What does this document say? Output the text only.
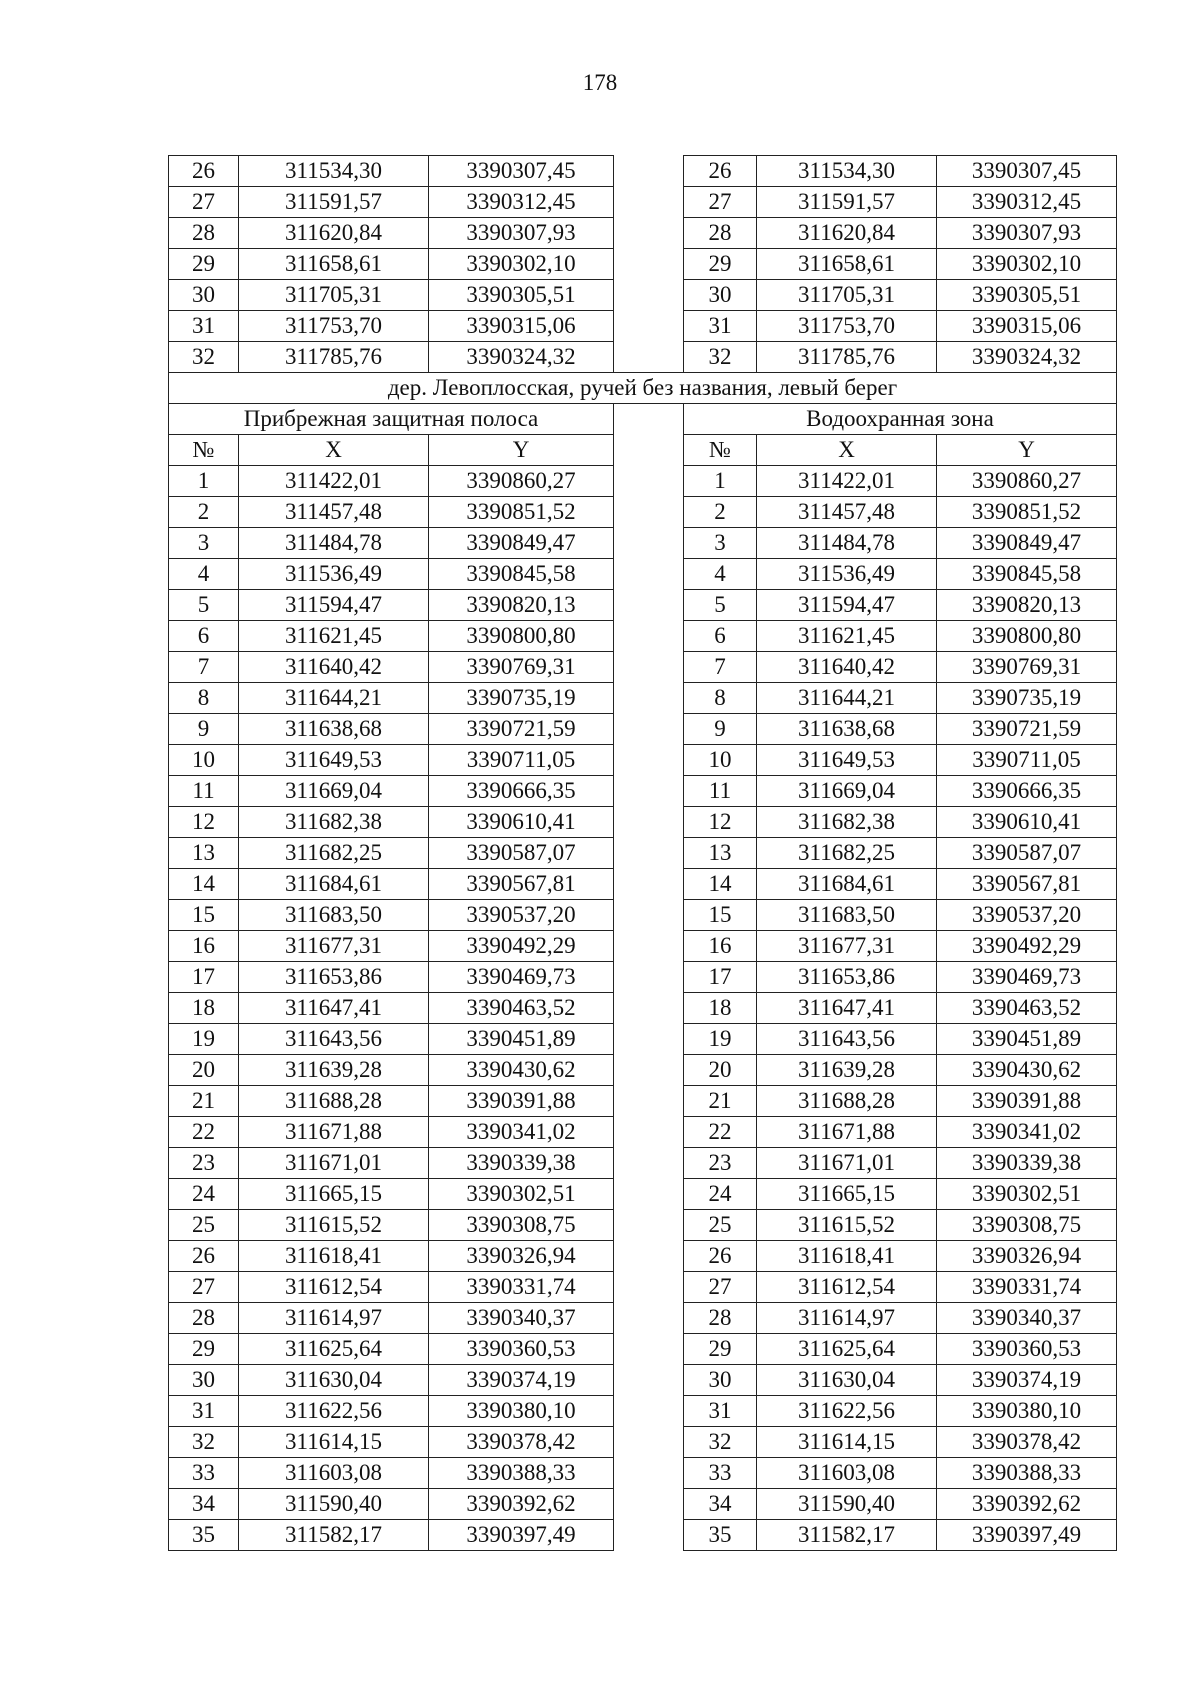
178
26	311534,30	3390307,45		26	311534,30	3390307,45
27	311591,57	3390312,45		27	311591,57	3390312,45
28	311620,84	3390307,93		28	311620,84	3390307,93
29	311658,61	3390302,10		29	311658,61	3390302,10
30	311705,31	3390305,51		30	311705,31	3390305,51
31	311753,70	3390315,06		31	311753,70	3390315,06
32	311785,76	3390324,32		32	311785,76	3390324,32
дер. Левоплосская, ручей без названия, левый берег						
Прибрежная защитная полоса				Водоохранная зона		
№	X	Y		№	X	Y
1	311422,01	3390860,27		1	311422,01	3390860,27
2	311457,48	3390851,52		2	311457,48	3390851,52
3	311484,78	3390849,47		3	311484,78	3390849,47
4	311536,49	3390845,58		4	311536,49	3390845,58
5	311594,47	3390820,13		5	311594,47	3390820,13
6	311621,45	3390800,80		6	311621,45	3390800,80
7	311640,42	3390769,31		7	311640,42	3390769,31
8	311644,21	3390735,19		8	311644,21	3390735,19
9	311638,68	3390721,59		9	311638,68	3390721,59
10	311649,53	3390711,05		10	311649,53	3390711,05
11	311669,04	3390666,35		11	311669,04	3390666,35
12	311682,38	3390610,41		12	311682,38	3390610,41
13	311682,25	3390587,07		13	311682,25	3390587,07
14	311684,61	3390567,81		14	311684,61	3390567,81
15	311683,50	3390537,20		15	311683,50	3390537,20
16	311677,31	3390492,29		16	311677,31	3390492,29
17	311653,86	3390469,73		17	311653,86	3390469,73
18	311647,41	3390463,52		18	311647,41	3390463,52
19	311643,56	3390451,89		19	311643,56	3390451,89
20	311639,28	3390430,62		20	311639,28	3390430,62
21	311688,28	3390391,88		21	311688,28	3390391,88
22	311671,88	3390341,02		22	311671,88	3390341,02
23	311671,01	3390339,38		23	311671,01	3390339,38
24	311665,15	3390302,51		24	311665,15	3390302,51
25	311615,52	3390308,75		25	311615,52	3390308,75
26	311618,41	3390326,94		26	311618,41	3390326,94
27	311612,54	3390331,74		27	311612,54	3390331,74
28	311614,97	3390340,37		28	311614,97	3390340,37
29	311625,64	3390360,53		29	311625,64	3390360,53
30	311630,04	3390374,19		30	311630,04	3390374,19
31	311622,56	3390380,10		31	311622,56	3390380,10
32	311614,15	3390378,42		32	311614,15	3390378,42
33	311603,08	3390388,33		33	311603,08	3390388,33
34	311590,40	3390392,62		34	311590,40	3390392,62
35	311582,17	3390397,49		35	311582,17	3390397,49
